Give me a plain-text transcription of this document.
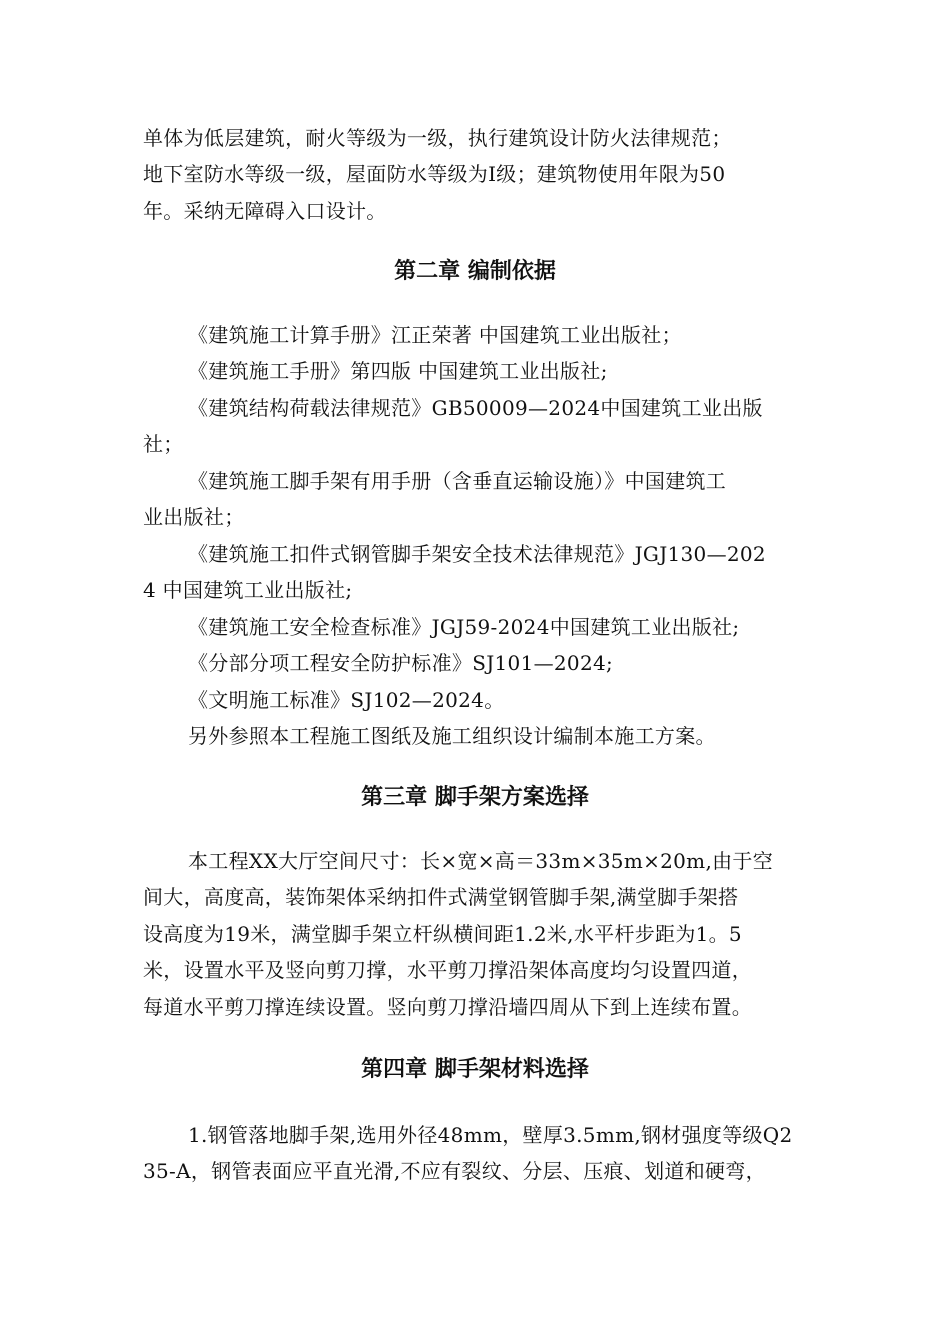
单体为低层建筑，耐火等级为一级，执行建筑设计防火法律规范；
地下室防水等级一级，屋面防水等级为Ⅰ级；建筑物使用年限为50
年。采纳无障碍入口设计。
第二章 编制依据
《建筑施工计算手册》江正荣著 中国建筑工业出版社；
《建筑施工手册》第四版 中国建筑工业出版社;
《建筑结构荷载法律规范》GB50009—2024中国建筑工业出版
社；
《建筑施工脚手架有用手册（含垂直运输设施）》中国建筑工
业出版社；
《建筑施工扣件式钢管脚手架安全技术法律规范》JGJ130—202
4 中国建筑工业出版社;
《建筑施工安全检查标准》JGJ59-2024中国建筑工业出版社;
《分部分项工程安全防护标准》SJ101—2024;
《文明施工标准》SJ102—2024。
另外参照本工程施工图纸及施工组织设计编制本施工方案。
第三章 脚手架方案选择
本工程XX大厅空间尺寸：长×宽×高＝33m×35m×20m,由于空
间大，高度高，装饰架体采纳扣件式满堂钢管脚手架,满堂脚手架搭
设高度为19米，满堂脚手架立杆纵横间距1.2米,水平杆步距为1。5
米，设置水平及竖向剪刀撑，水平剪刀撑沿架体高度均匀设置四道，
每道水平剪刀撑连续设置。竖向剪刀撑沿墙四周从下到上连续布置。
第四章 脚手架材料选择
1.钢管落地脚手架,选用外径48mm，壁厚3.5mm,钢材强度等级Q2
35-A，钢管表面应平直光滑,不应有裂纹、分层、压痕、划道和硬弯，
